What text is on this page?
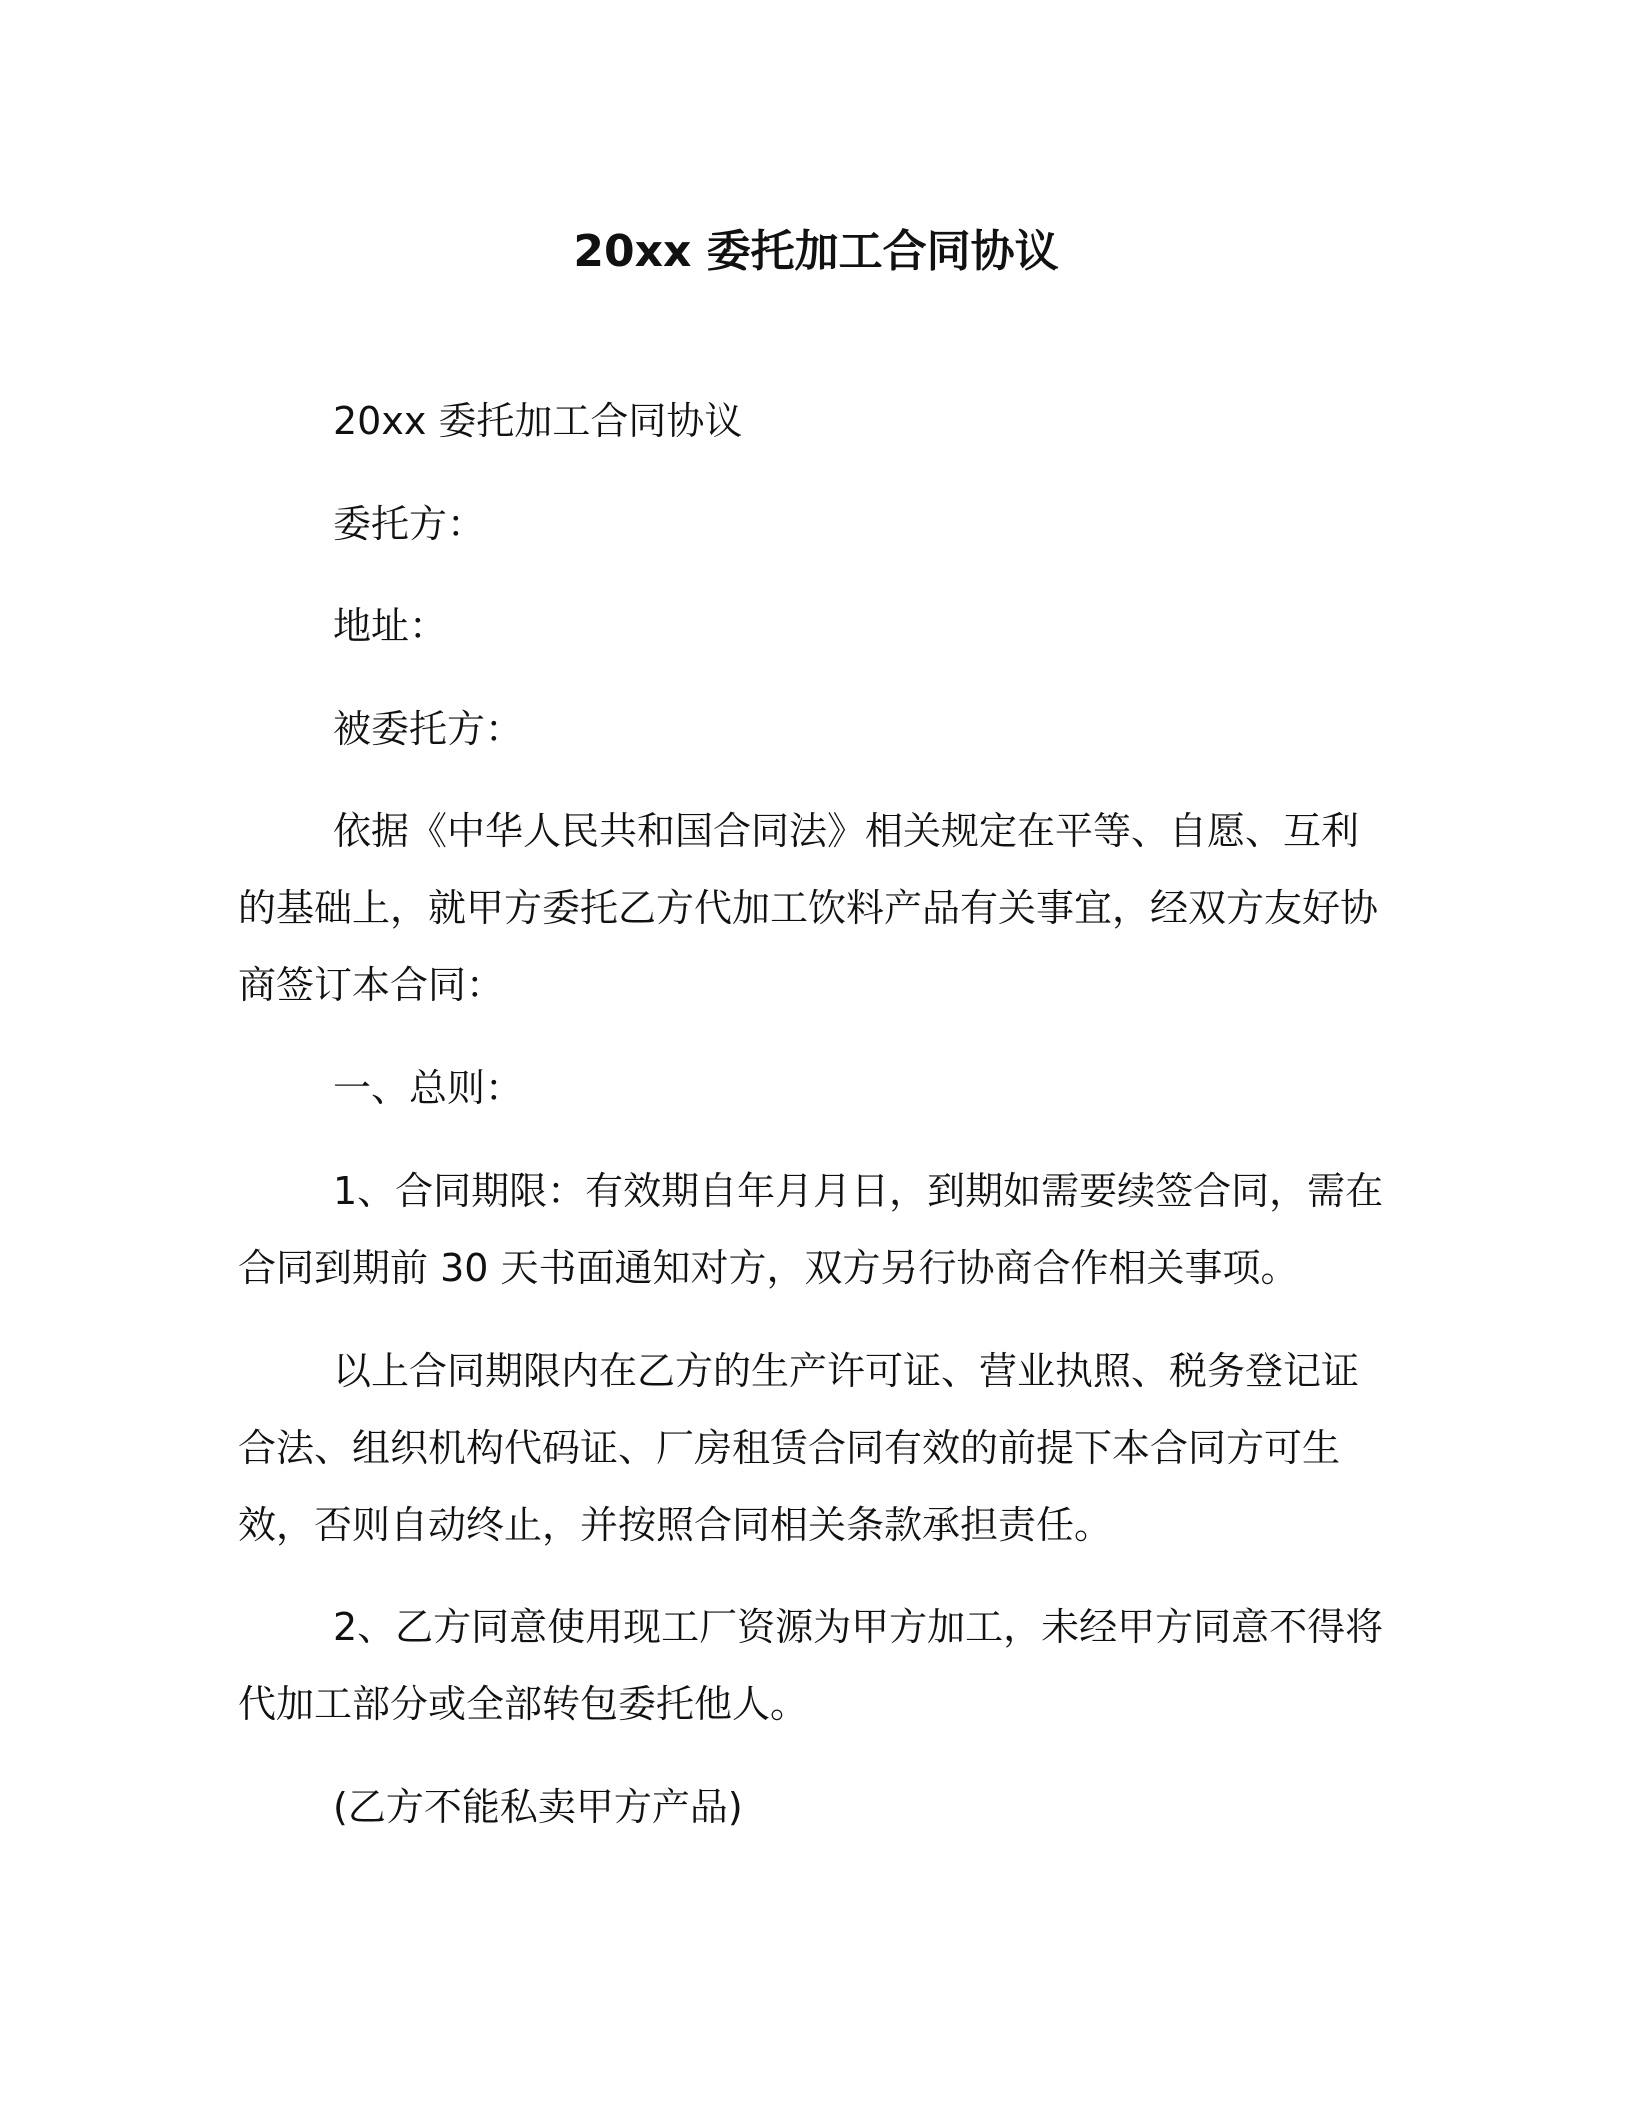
20xx 委托加工合同协议
20xx 委托加工合同协议
委托方：
地址：
被委托方：
依据《中华人民共和国合同法》相关规定在平等、自愿、互利的基础上，就甲方委托乙方代加工饮料产品有关事宜，经双方友好协商签订本合同：
一、总则：
1、合同期限：有效期自年月月日，到期如需要续签合同，需在合同到期前 30 天书面通知对方，双方另行协商合作相关事项。
以上合同期限内在乙方的生产许可证、营业执照、税务登记证合法、组织机构代码证、厂房租赁合同有效的前提下本合同方可生效，否则自动终止，并按照合同相关条款承担责任。
2、乙方同意使用现工厂资源为甲方加工，未经甲方同意不得将代加工部分或全部转包委托他人。
(乙方不能私卖甲方产品)
